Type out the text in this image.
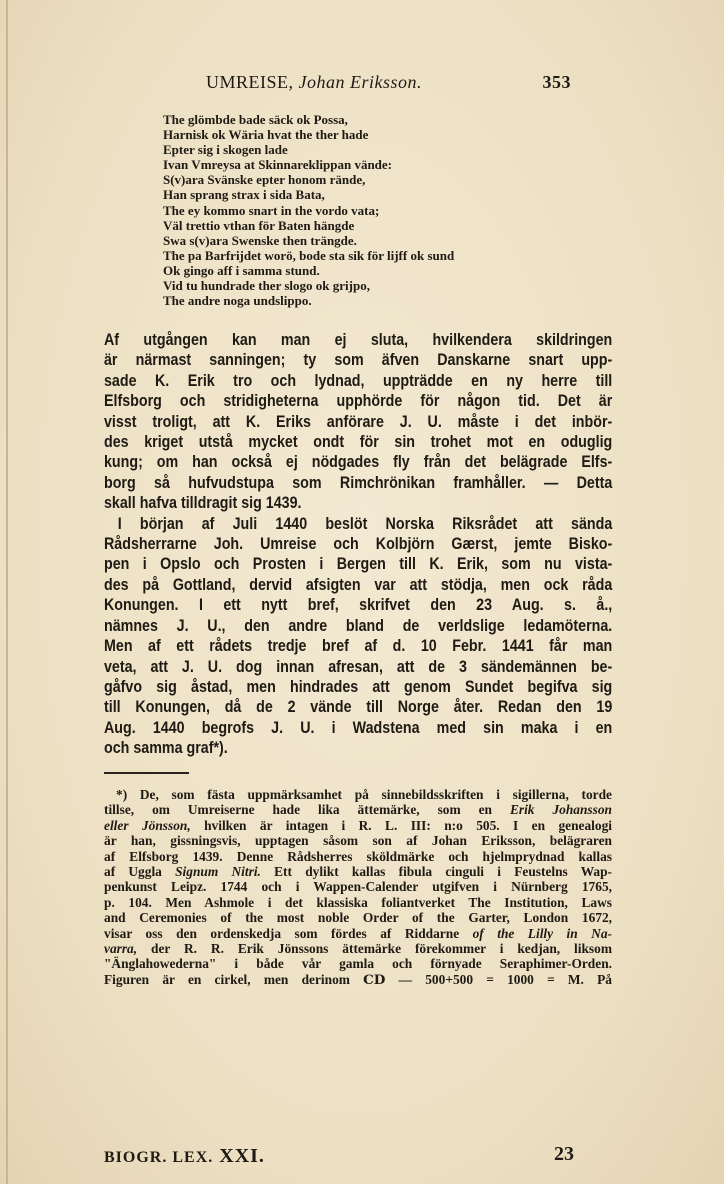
UMREISE, Johan Eriksson.	353
The glömbde bade säck ok Possa,
Harnisk ok Wäria hvat the ther hade
Epter sig i skogen lade
Ivan Vmreysa at Skinnareklippan vände:
S(v)ara Svänske epter honom rände,
Han sprang strax i sida Bata,
The ey kommo snart in the vordo vata;
Väl trettio vthan för Baten hängde
Swa s(v)ara Swenske then trängde.
The pa Barfrijdet worö, bode sta sik för lijff ok sund
Ok gingo aff i samma stund.
Vid tu hundrade ther slogo ok grijpo,
The andre noga undslippo.
Af utgången kan man ej sluta, hvilkendera skildringen
är närmast sanningen; ty som äfven Danskarne snart upp-
sade K. Erik tro och lydnad, uppträdde en ny herre till
Elfsborg och stridigheterna upphörde för någon tid. Det är
visst troligt, att K. Eriks anförare J. U. måste i det inbör-
des kriget utstå mycket ondt för sin trohet mot en oduglig
kung; om han också ej nödgades fly från det belägrade Elfs-
borg så hufvudstupa som Rimchrönikan framhåller. — Detta
skall hafva tilldragit sig 1439.
I början af Juli 1440 beslöt Norska Riksrådet att sända
Rådsherrarne Joh. Umreise och Kolbjörn Gærst, jemte Bisko-
pen i Opslo och Prosten i Bergen till K. Erik, som nu vista-
des på Gottland, dervid afsigten var att stödja, men ock råda
Konungen. I ett nytt bref, skrifvet den 23 Aug. s. å.,
nämnes J. U., den andre bland de verldslige ledamöterna.
Men af ett rådets tredje bref af d. 10 Febr. 1441 får man
veta, att J. U. dog innan afresan, att de 3 sändemännen be-
gåfvo sig åstad, men hindrades att genom Sundet begifva sig
till Konungen, då de 2 vände till Norge åter. Redan den 19
Aug. 1440 begrofs J. U. i Wadstena med sin maka i en
och samma graf*).
*) De, som fästa uppmärksamhet på sinnebildsskriften i sigillerna, torde
tillse, om Umreiserne hade lika ättemärke, som en Erik Johansson
eller Jönsson, hvilken är intagen i R. L. III: n:o 505. I en genealogi
är han, gissningsvis, upptagen såsom son af Johan Eriksson, belägraren
af Elfsborg 1439. Denne Rådsherres sköldmärke och hjelmprydnad kallas
af Uggla Signum Nitri. Ett dylikt kallas fibula cinguli i Feustelns Wap-
penkunst Leipz. 1744 och i Wappen-Calender utgifven i Nürnberg 1765,
p. 104. Men Ashmole i det klassiska foliantverket The Institution, Laws
and Ceremonies of the most noble Order of the Garter, London 1672,
visar oss den ordenskedja som fördes af Riddarne of the Lilly in Na-
varra, der R. R. Erik Jönssons ättemärke förekommer i kedjan, liksom
"Änglahowederna" i både vår gamla och förnyade Seraphimer-Orden.
Figuren är en cirkel, men derinom ⅭⅮ — 500+500 = 1000 = M. På
BIOGR. LEX. XXI.	23
